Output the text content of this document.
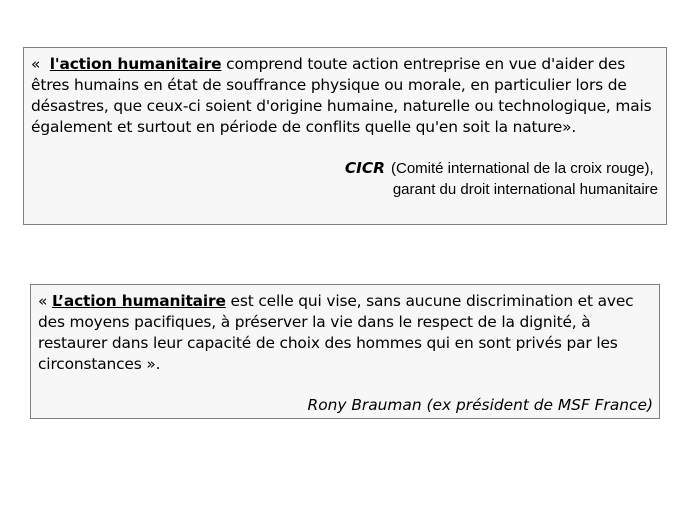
«  l'action humanitaire comprend toute action entreprise en vue d'aider des êtres humains en état de souffrance physique ou morale, en particulier lors de désastres, que ceux-ci soient d'origine humaine, naturelle ou technologique, mais également et surtout en période de conflits quelle qu'en soit la nature».

CICR (Comité international de la croix rouge),
garant du droit international humanitaire

« L’action humanitaire est celle qui vise, sans aucune discrimination et avec des moyens pacifiques, à préserver la vie dans le respect de la dignité, à restaurer dans leur capacité de choix des hommes qui en sont privés par les circonstances ».

Rony Brauman (ex président de MSF France)
